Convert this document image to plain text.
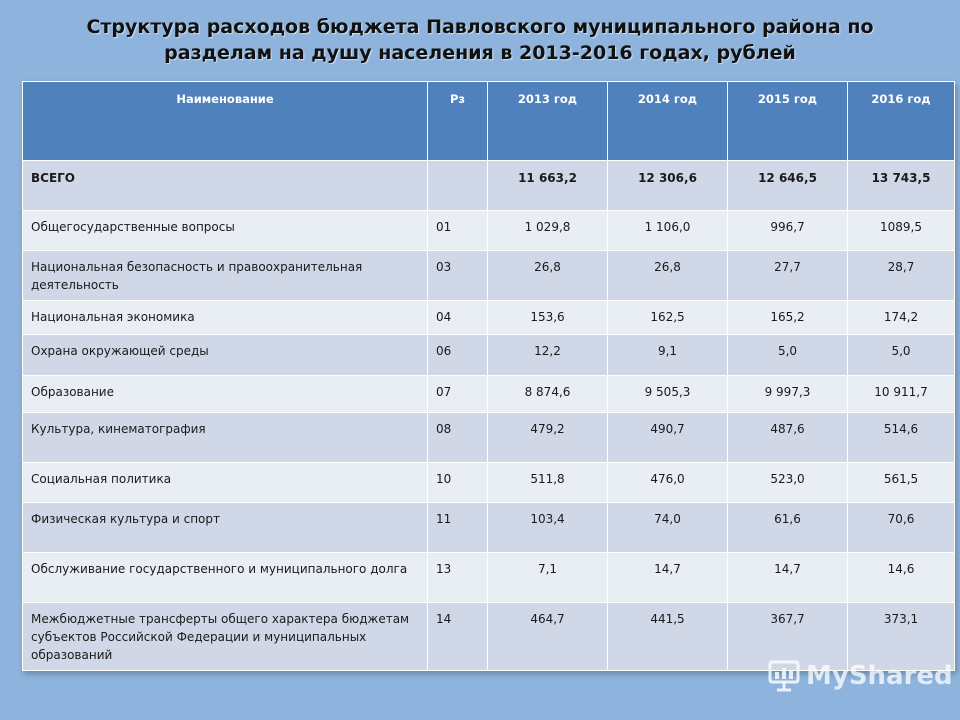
Структура расходов бюджета Павловского муниципального района по
разделам на душу населения в 2013-2016 годах, рублей
Наименование	Рз	2013 год	2014 год	2015 год	2016 год
ВСЕГО		11 663,2	12 306,6	12 646,5	13 743,5
Общегосударственные вопросы	01	1 029,8	1 106,0	996,7	1089,5
Национальная безопасность и правоохранительная деятельность	03	26,8	26,8	27,7	28,7
Национальная экономика	04	153,6	162,5	165,2	174,2
Охрана окружающей среды	06	12,2	9,1	5,0	5,0
Образование	07	8 874,6	9 505,3	9 997,3	10 911,7
Культура, кинематография	08	479,2	490,7	487,6	514,6
Социальная политика	10	511,8	476,0	523,0	561,5
Физическая культура и спорт	11	103,4	74,0	61,6	70,6
Обслуживание государственного и муниципального долга	13	7,1	14,7	14,7	14,6
Межбюджетные трансферты общего характера бюджетам субъектов Российской Федерации и муниципальных образований	14	464,7	441,5	367,7	373,1
MyShared
